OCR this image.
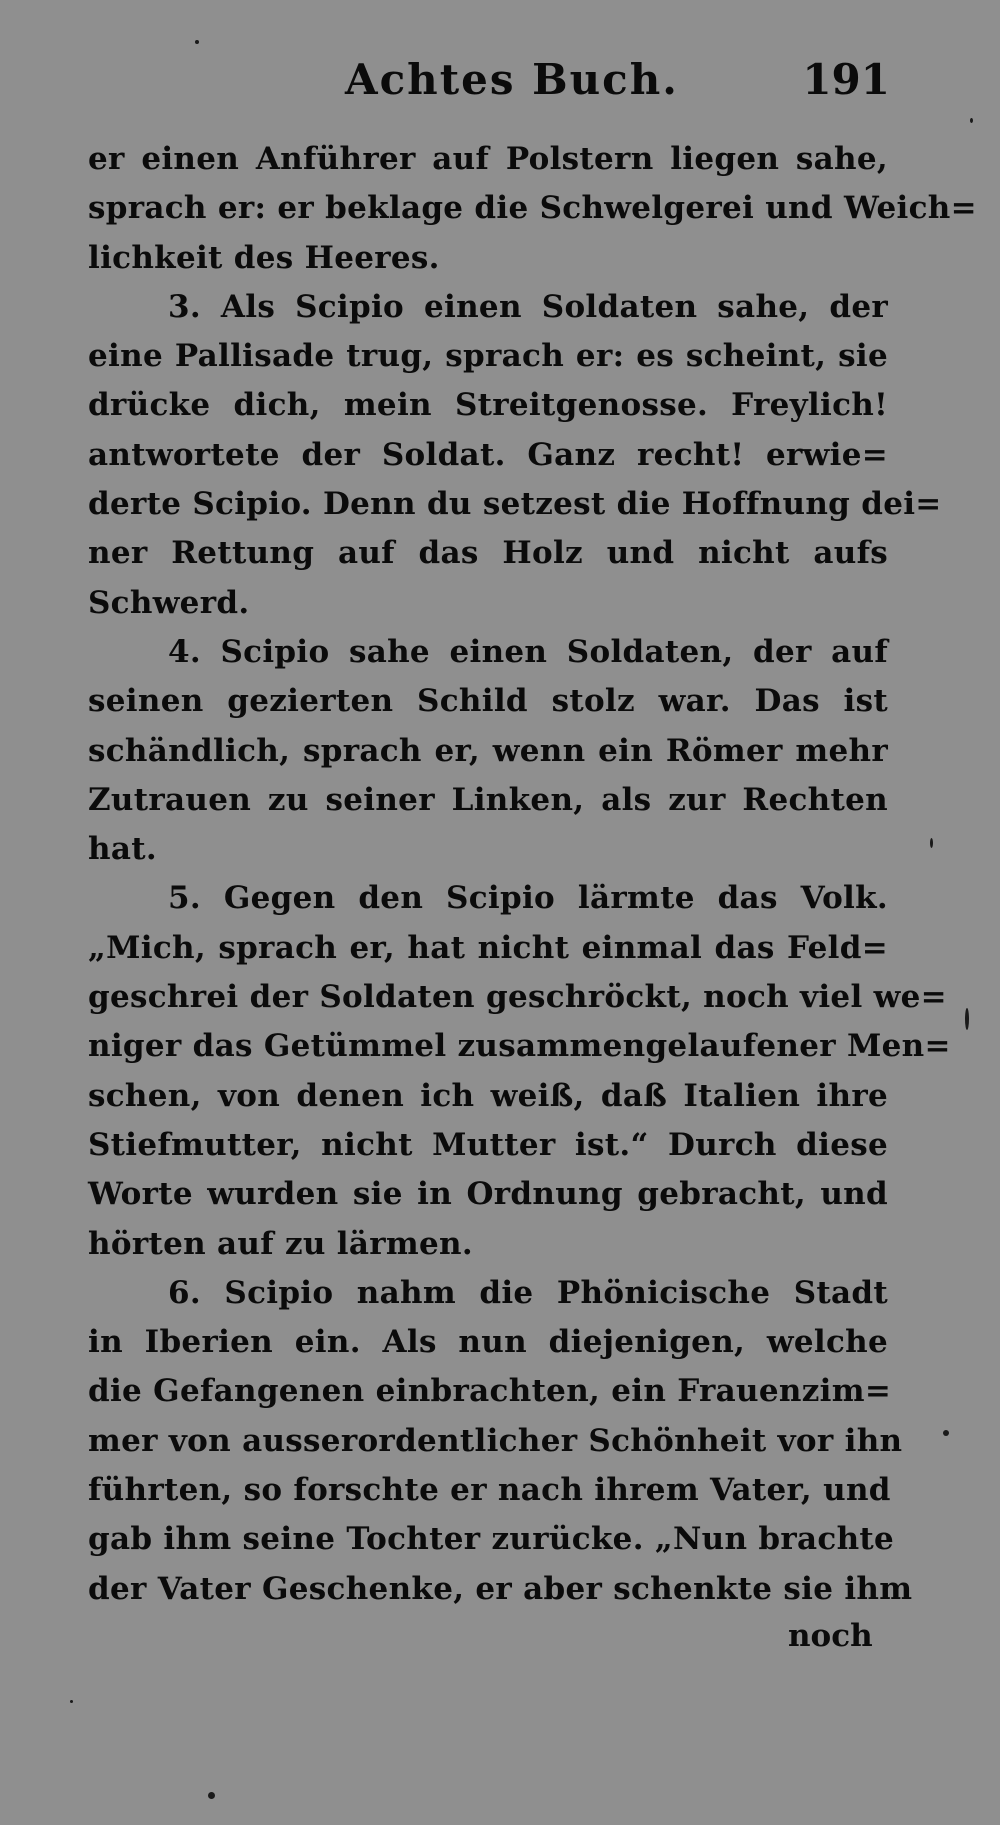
Achtes Buch.	191
er einen Anführer auf Polstern liegen sahe,
sprach er: er beklage die Schwelgerei und Weich=
lichkeit des Heeres.
3. Als Scipio einen Soldaten sahe, der
eine Pallisade trug, sprach er: es scheint, sie
drücke dich, mein Streitgenosse. Freylich!
antwortete der Soldat. Ganz recht! erwie=
derte Scipio. Denn du setzest die Hoffnung dei=
ner Rettung auf das Holz und nicht aufs
Schwerd.
4. Scipio sahe einen Soldaten, der auf
seinen gezierten Schild stolz war. Das ist
schändlich, sprach er, wenn ein Römer mehr
Zutrauen zu seiner Linken, als zur Rechten
hat.
5. Gegen den Scipio lärmte das Volk.
„Mich, sprach er, hat nicht einmal das Feld=
geschrei der Soldaten geschröckt, noch viel we=
niger das Getümmel zusammengelaufener Men=
schen, von denen ich weiß, daß Italien ihre
Stiefmutter, nicht Mutter ist.“ Durch diese
Worte wurden sie in Ordnung gebracht, und
hörten auf zu lärmen.
6. Scipio nahm die Phönicische Stadt
in Iberien ein. Als nun diejenigen, welche
die Gefangenen einbrachten, ein Frauenzim=
mer von ausserordentlicher Schönheit vor ihn
führten, so forschte er nach ihrem Vater, und
gab ihm seine Tochter zurücke. „Nun brachte
der Vater Geschenke, er aber schenkte sie ihm
noch
